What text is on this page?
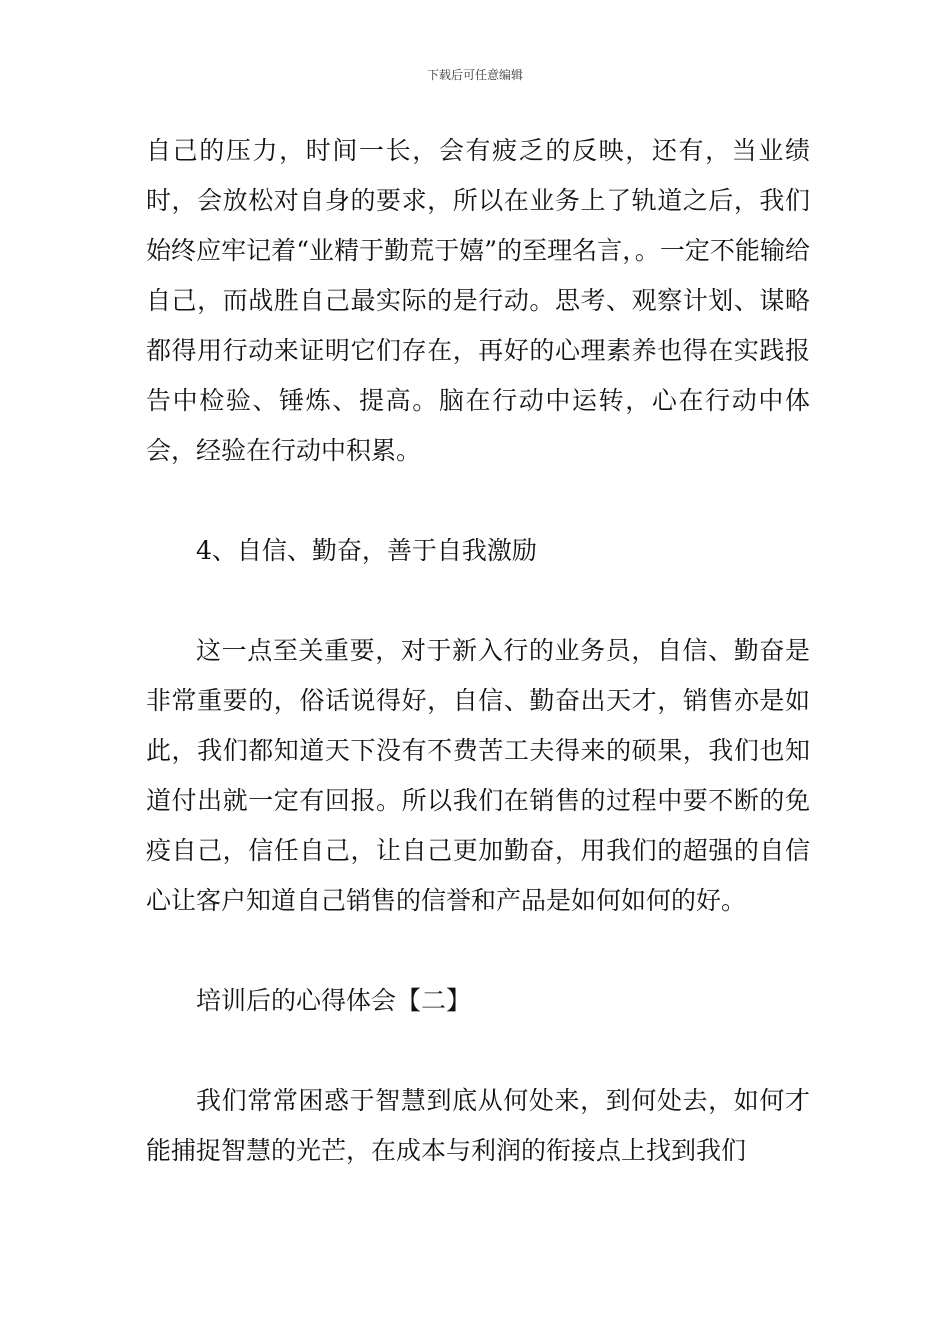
下载后可任意编辑

自己的压力，时间一长，会有疲乏的反映，还有，当业绩时，会放松对自身的要求，所以在业务上了轨道之后，我们始终应牢记着“业精于勤荒于嬉”的至理名言，。一定不能输给自己，而战胜自己最实际的是行动。思考、观察计划、谋略都得用行动来证明它们存在，再好的心理素养也得在实践报告中检验、锤炼、提高。脑在行动中运转，心在行动中体会，经验在行动中积累。

4、自信、勤奋，善于自我激励

这一点至关重要，对于新入行的业务员，自信、勤奋是非常重要的，俗话说得好，自信、勤奋出天才，销售亦是如此，我们都知道天下没有不费苦工夫得来的硕果，我们也知道付出就一定有回报。所以我们在销售的过程中要不断的免疫自己，信任自己，让自己更加勤奋，用我们的超强的自信心让客户知道自己销售的信誉和产品是如何如何的好。

培训后的心得体会【二】

我们常常困惑于智慧到底从何处来，到何处去，如何才能捕捉智慧的光芒，在成本与利润的衔接点上找到我们
